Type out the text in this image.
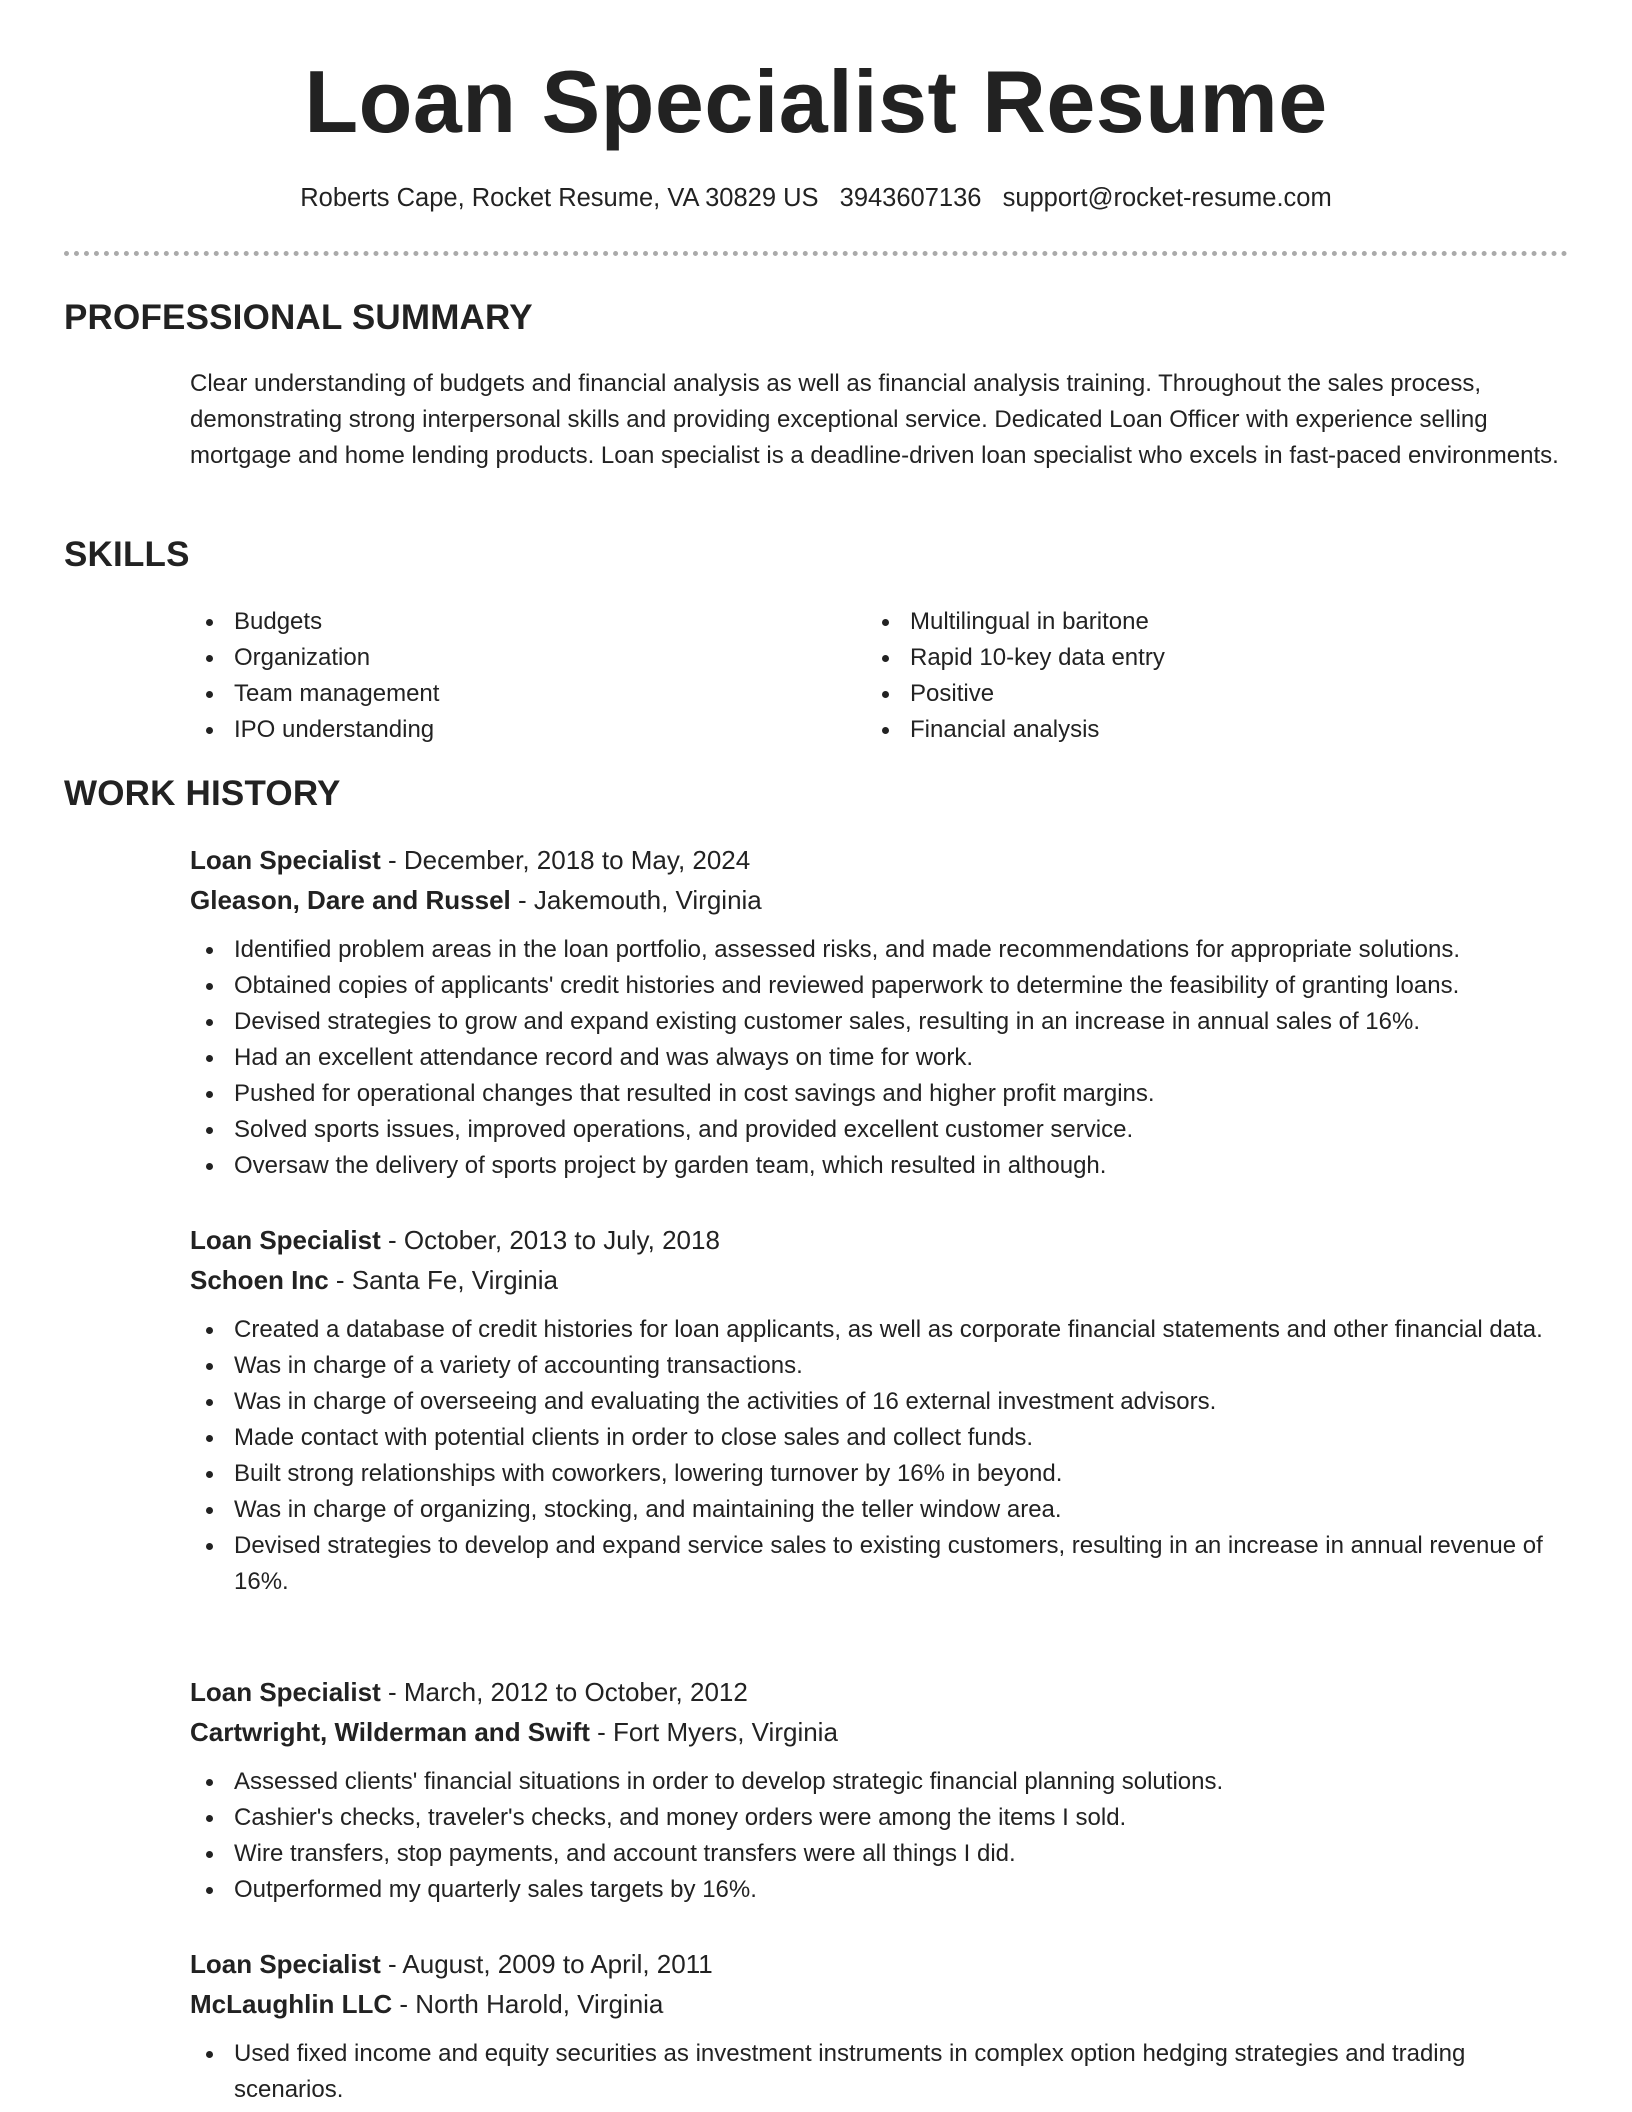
Loan Specialist Resume
Roberts Cape, Rocket Resume, VA 30829 US 3943607136 support@rocket-resume.com
PROFESSIONAL SUMMARY

Clear understanding of budgets and financial analysis as well as financial analysis training. Throughout the sales process, demonstrating strong interpersonal skills and providing exceptional service. Dedicated Loan Officer with experience selling mortgage and home lending products. Loan specialist is a deadline-driven loan specialist who excels in fast-paced environments.

SKILLS
Budgets
Organization
Team management
IPO understanding
Multilingual in baritone
Rapid 10-key data entry
Positive
Financial analysis
WORK HISTORY
Loan Specialist - December, 2018 to May, 2024
Gleason, Dare and Russel - Jakemouth, Virginia
Identified problem areas in the loan portfolio, assessed risks, and made recommendations for appropriate solutions.
Obtained copies of applicants' credit histories and reviewed paperwork to determine the feasibility of granting loans.
Devised strategies to grow and expand existing customer sales, resulting in an increase in annual sales of 16%.
Had an excellent attendance record and was always on time for work.
Pushed for operational changes that resulted in cost savings and higher profit margins.
Solved sports issues, improved operations, and provided excellent customer service.
Oversaw the delivery of sports project by garden team, which resulted in although.
Loan Specialist - October, 2013 to July, 2018
Schoen Inc - Santa Fe, Virginia
Created a database of credit histories for loan applicants, as well as corporate financial statements and other financial data.
Was in charge of a variety of accounting transactions.
Was in charge of overseeing and evaluating the activities of 16 external investment advisors.
Made contact with potential clients in order to close sales and collect funds.
Built strong relationships with coworkers, lowering turnover by 16% in beyond.
Was in charge of organizing, stocking, and maintaining the teller window area.
Devised strategies to develop and expand service sales to existing customers, resulting in an increase in annual revenue of 16%.
Loan Specialist - March, 2012 to October, 2012
Cartwright, Wilderman and Swift - Fort Myers, Virginia
Assessed clients' financial situations in order to develop strategic financial planning solutions.
Cashier's checks, traveler's checks, and money orders were among the items I sold.
Wire transfers, stop payments, and account transfers were all things I did.
Outperformed my quarterly sales targets by 16%.
Loan Specialist - August, 2009 to April, 2011
McLaughlin LLC - North Harold, Virginia
Used fixed income and equity securities as investment instruments in complex option hedging strategies and trading scenarios.
